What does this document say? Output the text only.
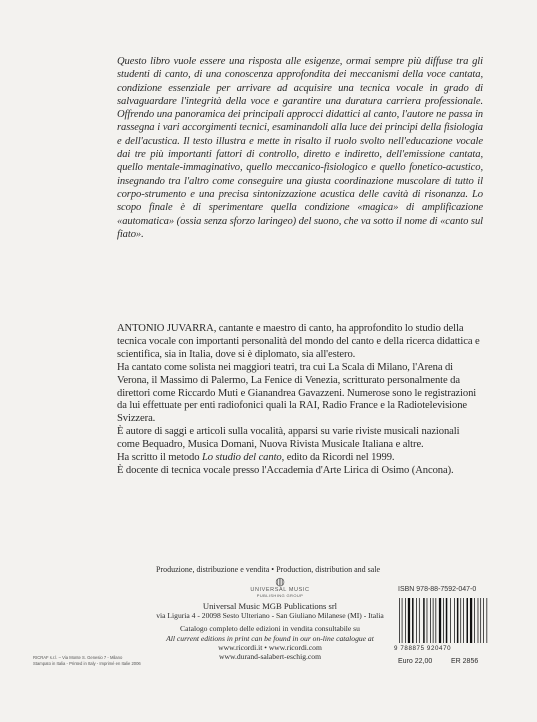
Questo libro vuole essere una risposta alle esigenze, ormai sempre più diffuse tra gli studenti di canto, di una conoscenza approfondita dei meccanismi della voce cantata, condizione essenziale per arrivare ad acquisire una tecnica vocale in grado di salvaguardare l'integrità della voce e garantire una duratura carriera professionale. Offrendo una panoramica dei principali approcci didattici al canto, l'autore ne passa in rassegna i vari accorgimenti tecnici, esaminandoli alla luce dei principi della fisiologia e dell'acustica. Il testo illustra e mette in risalto il ruolo svolto nell'educazione vocale dai tre più importanti fattori di controllo, diretto e indiretto, dell'emissione cantata, quello mentale-immaginativo, quello meccanico-fisiologico e quello fonetico-acustico, insegnando tra l'altro come conseguire una giusta coordinazione muscolare di tutto il corpo-strumento e una precisa sintonizzazione acustica delle cavità di risonanza. Lo scopo finale è di sperimentare quella condizione «magica» di amplificazione «automatica» (ossia senza sforzo laringeo) del suono, che va sotto il nome di «canto sul fiato».

ANTONIO JUVARRA, cantante e maestro di canto, ha approfondito lo studio della tecnica vocale con importanti personalità del mondo del canto e della ricerca didattica e scientifica, sia in Italia, dove si è diplomato, sia all'estero.

Ha cantato come solista nei maggiori teatri, tra cui La Scala di Milano, l'Arena di Verona, il Massimo di Palermo, La Fenice di Venezia, scritturato personalmente da direttori come Riccardo Muti e Gianandrea Gavazzeni. Numerose sono le registrazioni da lui effettuate per enti radiofonici quali la RAI, Radio France e la Radiotelevisione Svizzera.

È autore di saggi e articoli sulla vocalità, apparsi su varie riviste musicali nazionali come Bequadro, Musica Domani, Nuova Rivista Musicale Italiana e altre.

Ha scritto il metodo Lo studio del canto, edito da Ricordi nel 1999.

È docente di tecnica vocale presso l'Accademia d'Arte Lirica di Osimo (Ancona).

Produzione, distribuzione e vendita • Production, distribution and sale
◍
UNIVERSAL MUSIC
PUBLISHING GROUP
Universal Music MGB Publications srl
via Liguria 4 - 20098 Sesto Ulteriano - San Giuliano Milanese (MI) - Italia
Catalogo completo delle edizioni in vendita consultabile su
All current editions in print can be found in our on-line catalogue at
www.ricordi.it • www.ricordi.com
www.durand-salabert-eschig.com
ISBN 978-88-7592-047-0
9 788875 920470
Euro 22,00	ER 2856
RICRAF s.r.l. – Via Monte S. Genesio 7 - Milano
Stampato in Italia - Printed in Italy - Imprimé en Italie 2006
